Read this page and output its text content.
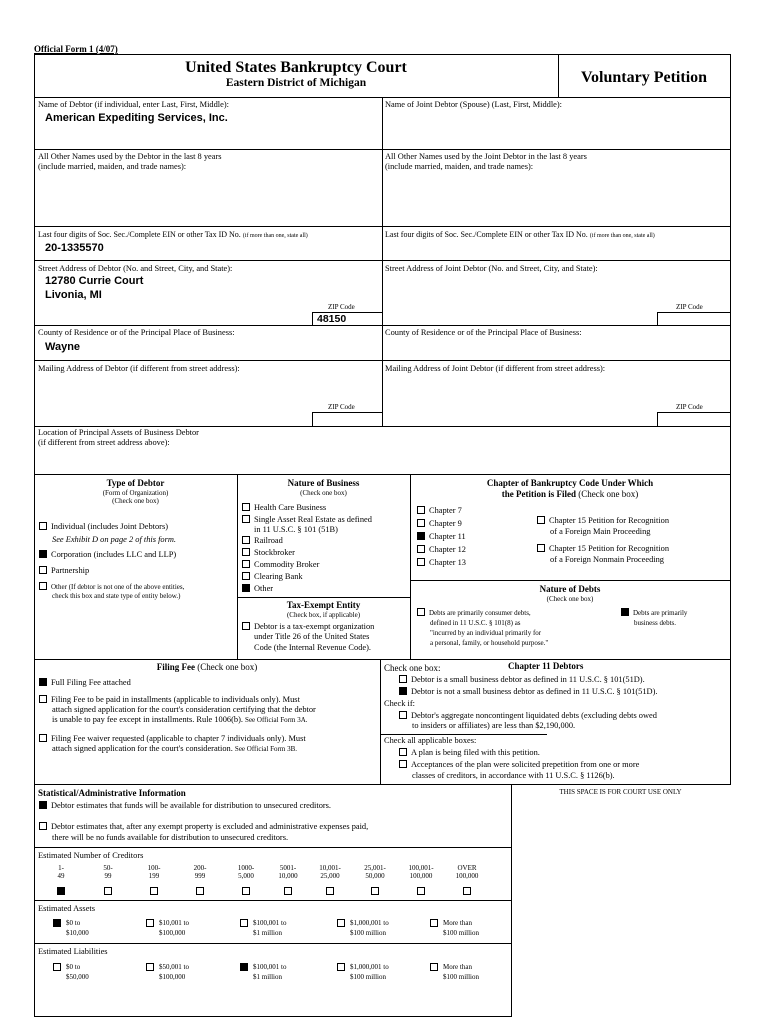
Official Form 1 (4/07)
United States Bankruptcy Court
Eastern District of Michigan	Voluntary Petition
Name of Debtor (if individual, enter Last, First, Middle):
American Expediting Services, Inc.
Name of Joint Debtor (Spouse) (Last, First, Middle):
All Other Names used by the Debtor in the last 8 years
(include married, maiden, and trade names):
All Other Names used by the Joint Debtor in the last 8 years
(include married, maiden, and trade names):
Last four digits of Soc. Sec./Complete EIN or other Tax ID No. (if more than one, state all)
20-1335570
Last four digits of Soc. Sec./Complete EIN or other Tax ID No. (if more than one, state all)
Street Address of Debtor (No. and Street, City, and State):
12780 Currie Court
Livonia, MI
Street Address of Joint Debtor (No. and Street, City, and State):
ZIP Code
48150
ZIP Code
County of Residence or of the Principal Place of Business:
Wayne
County of Residence or of the Principal Place of Business:
Mailing Address of Debtor (if different from street address):	Mailing Address of Joint Debtor (if different from street address):
ZIP Code	ZIP Code
Location of Principal Assets of Business Debtor
(if different from street address above):
Type of Debtor
(Form of Organization)
(Check one box)
Individual (includes Joint Debtors)
See Exhibit D on page 2 of this form.
Corporation (includes LLC and LLP)
Partnership
Other (If debtor is not one of the above entities,
check this box and state type of entity below.)
Nature of Business
(Check one box)
Health Care Business
Single Asset Real Estate as defined
in 11 U.S.C. § 101 (51B)
Railroad
Stockbroker
Commodity Broker
Clearing Bank
Other
Tax-Exempt Entity
(Check box, if applicable)
Debtor is a tax-exempt organization
under Title 26 of the United States
Code (the Internal Revenue Code).
Chapter of Bankruptcy Code Under Which
the Petition is Filed (Check one box)
Chapter 7
Chapter 9
Chapter 11
Chapter 12
Chapter 13
Chapter 15 Petition for Recognition
of a Foreign Main Proceeding
Chapter 15 Petition for Recognition
of a Foreign Nonmain Proceeding
Nature of Debts
(Check one box)
Debts are primarily consumer debts,
defined in 11 U.S.C. § 101(8) as
"incurred by an individual primarily for
a personal, family, or household purpose."
Debts are primarily
business debts.
Filing Fee (Check one box)
Full Filing Fee attached
Filing Fee to be paid in installments (applicable to individuals only). Must
attach signed application for the court's consideration certifying that the debtor
is unable to pay fee except in installments. Rule 1006(b). See Official Form 3A.
Filing Fee waiver requested (applicable to chapter 7 individuals only). Must
attach signed application for the court's consideration. See Official Form 3B.
Check one box:	Chapter 11 Debtors
Debtor is a small business debtor as defined in 11 U.S.C. § 101(51D).
Debtor is not a small business debtor as defined in 11 U.S.C. § 101(51D).
Check if:
Debtor's aggregate noncontingent liquidated debts (excluding debts owed
to insiders or affiliates) are less than $2,190,000.
Check all applicable boxes:
A plan is being filed with this petition.
Acceptances of the plan were solicited prepetition from one or more
classes of creditors, in accordance with 11 U.S.C. § 1126(b).
THIS SPACE IS FOR COURT USE ONLY
Statistical/Administrative Information
Debtor estimates that funds will be available for distribution to unsecured creditors.
Debtor estimates that, after any exempt property is excluded and administrative expenses paid,
there will be no funds available for distribution to unsecured creditors.
Estimated Number of Creditors
1-
49
50-
99
100-
199
200-
999
1000-
5,000
5001-
10,000
10,001-
25,000
25,001-
50,000
100,001-
100,000
OVER
100,000
Estimated Assets
$0 to
$10,000
$10,001 to
$100,000
$100,001 to
$1 million
$1,000,001 to
$100 million
More than
$100 million
Estimated Liabilities
$0 to
$50,000
$50,001 to
$100,000
$100,001 to
$1 million
$1,000,001 to
$100 million
More than
$100 million
